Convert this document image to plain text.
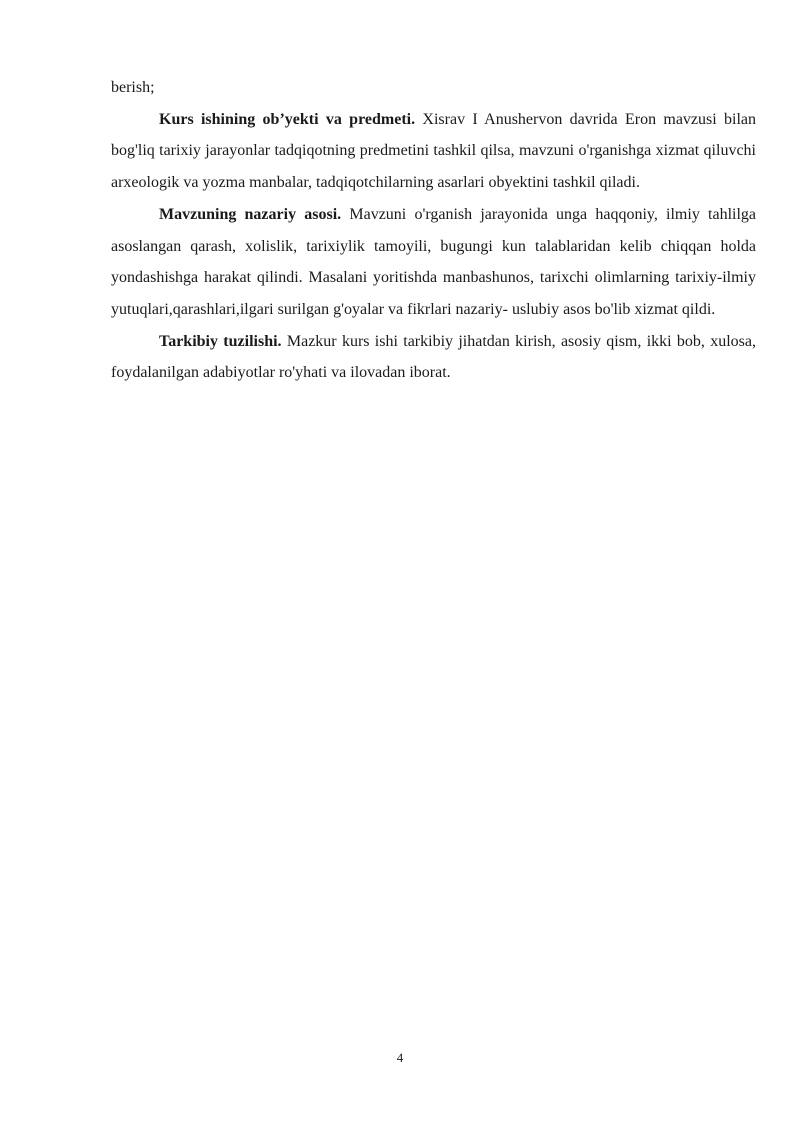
berish;

Kurs ishining ob’yekti va predmeti. Xisrav I Anushervon davrida Eron mavzusi bilan bog'liq tarixiy jarayonlar tadqiqotning predmetini tashkil qilsa, mavzuni o'rganishga xizmat qiluvchi arxeologik va yozma manbalar, tadqiqotchilarning asarlari obyektini tashkil qiladi.

Mavzuning nazariy asosi. Mavzuni o'rganish jarayonida unga haqqoniy, ilmiy tahlilga asoslangan qarash, xolislik, tarixiylik tamoyili, bugungi kun talablaridan kelib chiqqan holda yondashishga harakat qilindi. Masalani yoritishda manbashunos, tarixchi olimlarning tarixiy-ilmiy yutuqlari,qarashlari,ilgari surilgan g'oyalar va fikrlari nazariy- uslubiy asos bo'lib xizmat qildi.

Tarkibiy tuzilishi. Mazkur kurs ishi tarkibiy jihatdan kirish, asosiy qism, ikki bob, xulosa, foydalanilgan adabiyotlar ro'yhati va ilovadan iborat.

4
